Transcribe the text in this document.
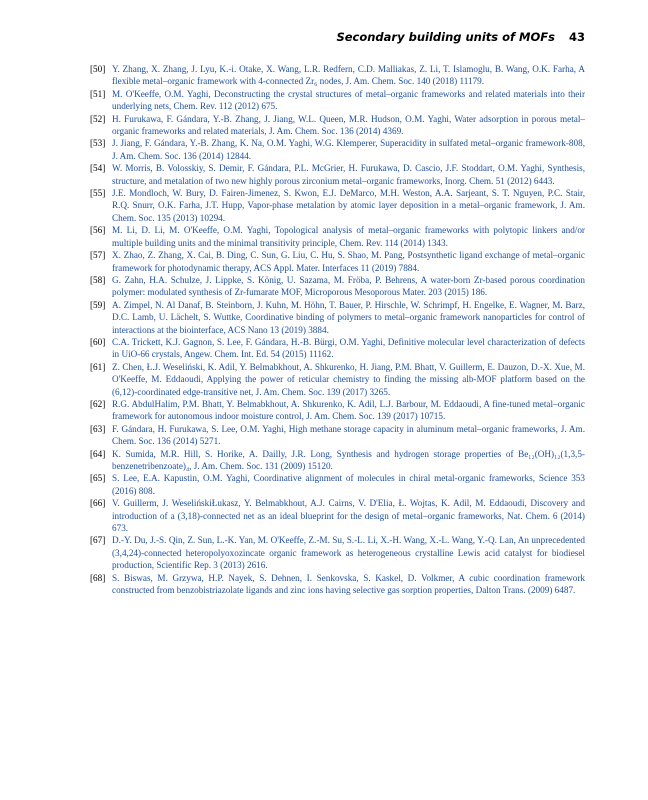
Secondary building units of MOFs 43
[50] Y. Zhang, X. Zhang, J. Lyu, K.-i. Otake, X. Wang, L.R. Redfern, C.D. Malliakas, Z. Li, T. Islamoglu, B. Wang, O.K. Farha, A flexible metal–organic framework with 4-connected Zr₆ nodes, J. Am. Chem. Soc. 140 (2018) 11179.
[51] M. O'Keeffe, O.M. Yaghi, Deconstructing the crystal structures of metal–organic frameworks and related materials into their underlying nets, Chem. Rev. 112 (2012) 675.
[52] H. Furukawa, F. Gándara, Y.-B. Zhang, J. Jiang, W.L. Queen, M.R. Hudson, O.M. Yaghi, Water adsorption in porous metal–organic frameworks and related materials, J. Am. Chem. Soc. 136 (2014) 4369.
[53] J. Jiang, F. Gándara, Y.-B. Zhang, K. Na, O.M. Yaghi, W.G. Klemperer, Superacidity in sulfated metal–organic framework-808, J. Am. Chem. Soc. 136 (2014) 12844.
[54] W. Morris, B. Volosskiy, S. Demir, F. Gándara, P.L. McGrier, H. Furukawa, D. Cascio, J.F. Stoddart, O.M. Yaghi, Synthesis, structure, and metalation of two new highly porous zirconium metal–organic frameworks, Inorg. Chem. 51 (2012) 6443.
[55] J.E. Mondloch, W. Bury, D. Fairen-Jimenez, S. Kwon, E.J. DeMarco, M.H. Weston, A.A. Sarjeant, S. T. Nguyen, P.C. Stair, R.Q. Snurr, O.K. Farha, J.T. Hupp, Vapor-phase metalation by atomic layer deposition in a metal–organic framework, J. Am. Chem. Soc. 135 (2013) 10294.
[56] M. Li, D. Li, M. O'Keeffe, O.M. Yaghi, Topological analysis of metal–organic frameworks with polytopic linkers and/or multiple building units and the minimal transitivity principle, Chem. Rev. 114 (2014) 1343.
[57] X. Zhao, Z. Zhang, X. Cai, B. Ding, C. Sun, G. Liu, C. Hu, S. Shao, M. Pang, Postsynthetic ligand exchange of metal–organic framework for photodynamic therapy, ACS Appl. Mater. Interfaces 11 (2019) 7884.
[58] G. Zahn, H.A. Schulze, J. Lippke, S. König, U. Sazama, M. Fröba, P. Behrens, A water-born Zr-based porous coordination polymer: modulated synthesis of Zr-fumarate MOF, Microporous Mesoporous Mater. 203 (2015) 186.
[59] A. Zimpel, N. Al Danaf, B. Steinborn, J. Kuhn, M. Höhn, T. Bauer, P. Hirschle, W. Schrimpf, H. Engelke, E. Wagner, M. Barz, D.C. Lamb, U. Lächelt, S. Wuttke, Coordinative binding of polymers to metal–organic framework nanoparticles for control of interactions at the biointerface, ACS Nano 13 (2019) 3884.
[60] C.A. Trickett, K.J. Gagnon, S. Lee, F. Gándara, H.-B. Bürgi, O.M. Yaghi, Definitive molecular level characterization of defects in UiO-66 crystals, Angew. Chem. Int. Ed. 54 (2015) 11162.
[61] Z. Chen, Ł.J. Weseliński, K. Adil, Y. Belmabkhout, A. Shkurenko, H. Jiang, P.M. Bhatt, V. Guillerm, E. Dauzon, D.-X. Xue, M. O'Keeffe, M. Eddaoudi, Applying the power of reticular chemistry to finding the missing alb-MOF platform based on the (6,12)-coordinated edge-transitive net, J. Am. Chem. Soc. 139 (2017) 3265.
[62] R.G. AbdulHalim, P.M. Bhatt, Y. Belmabkhout, A. Shkurenko, K. Adil, L.J. Barbour, M. Eddaoudi, A fine-tuned metal–organic framework for autonomous indoor moisture control, J. Am. Chem. Soc. 139 (2017) 10715.
[63] F. Gándara, H. Furukawa, S. Lee, O.M. Yaghi, High methane storage capacity in aluminum metal–organic frameworks, J. Am. Chem. Soc. 136 (2014) 5271.
[64] K. Sumida, M.R. Hill, S. Horike, A. Dailly, J.R. Long, Synthesis and hydrogen storage properties of Be₁₂(OH)₁₂(1,3,5-benzenetribenzoate)₄, J. Am. Chem. Soc. 131 (2009) 15120.
[65] S. Lee, E.A. Kapustin, O.M. Yaghi, Coordinative alignment of molecules in chiral metal-organic frameworks, Science 353 (2016) 808.
[66] V. Guillerm, J. WeselińskiŁukasz, Y. Belmabkhout, A.J. Cairns, V. D'Elia, Ł. Wojtas, K. Adil, M. Eddaoudi, Discovery and introduction of a (3,18)-connected net as an ideal blueprint for the design of metal–organic frameworks, Nat. Chem. 6 (2014) 673.
[67] D.-Y. Du, J.-S. Qin, Z. Sun, L.-K. Yan, M. O'Keeffe, Z.-M. Su, S.-L. Li, X.-H. Wang, X.-L. Wang, Y.-Q. Lan, An unprecedented (3,4,24)-connected heteropolyoxozincate organic framework as heterogeneous crystalline Lewis acid catalyst for biodiesel production, Scientific Rep. 3 (2013) 2616.
[68] S. Biswas, M. Grzywa, H.P. Nayek, S. Dehnen, I. Senkovska, S. Kaskel, D. Volkmer, A cubic coordination framework constructed from benzobistriazolate ligands and zinc ions having selective gas sorption properties, Dalton Trans. (2009) 6487.
